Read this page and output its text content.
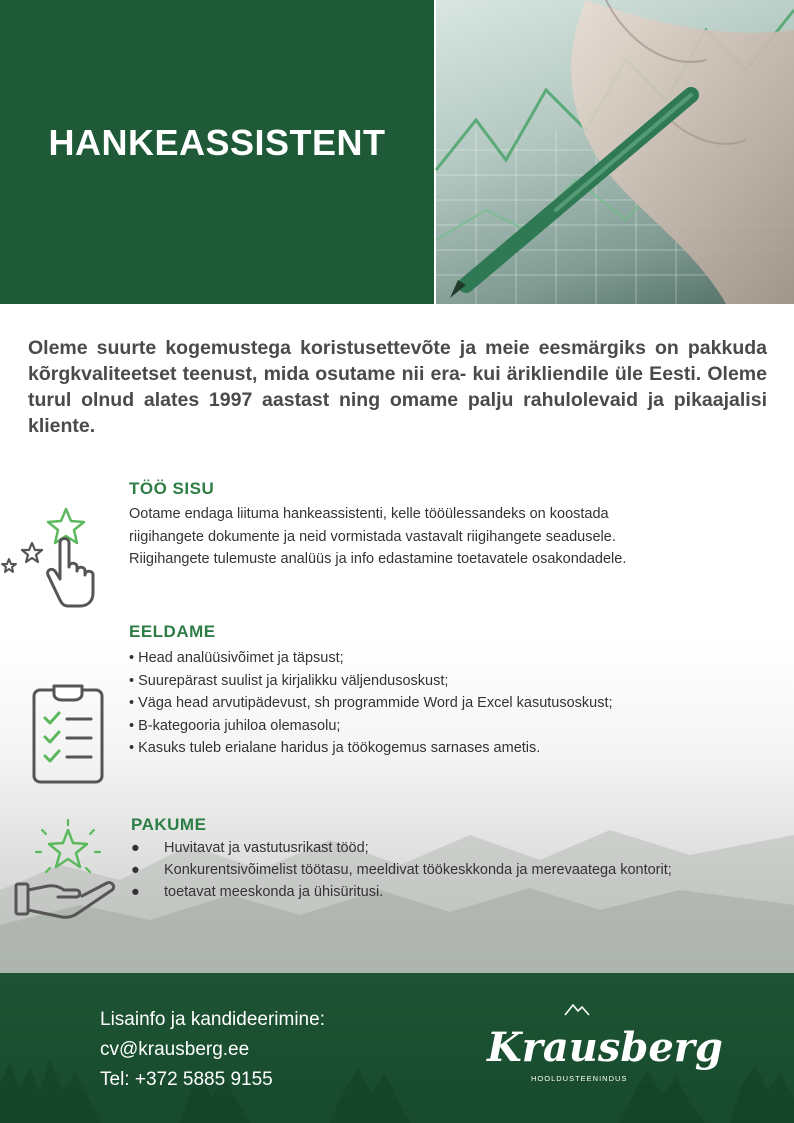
HANKEASSISTENT

Oleme suurte kogemustega koristusettevõte ja meie eesmärgiks on pakkuda kõrgkvaliteetset teenust, mida osutame nii era- kui ärikliendile üle Eesti. Oleme turul olnud alates 1997 aastast ning omame palju rahulolevaid ja pikaajalisi kliente.

TÖÖ SISU
Ootame endaga liituma hankeassistenti, kelle tööülessandeks on koostada
riigihangete dokumente ja neid vormistada vastavalt riigihangete seadusele.
Riigihangete tulemuste analüüs ja info edastamine toetavatele osakondadele.
EELDAME
• Head analüüsivõimet ja täpsust;
• Suurepärast suulist ja kirjalikku väljendusoskust;
• Väga head arvutipädevust, sh programmide Word ja Excel kasutusoskust;
• B-kategooria juhiloa olemasolu;
• Kasuks tuleb erialane haridus ja töökogemus sarnases ametis.
PAKUME
● Huvitavat ja vastutusrikast tööd;
● Konkurentsivõimelist töötasu, meeldivat töökeskkonda ja merevaatega kontorit;
● toetavat meeskonda ja ühisüritusi.
Lisainfo ja kandideerimine:
cv@krausberg.ee
Tel: +372 5885 9155
Krausberg
HOOLDUSTEENINDUS
